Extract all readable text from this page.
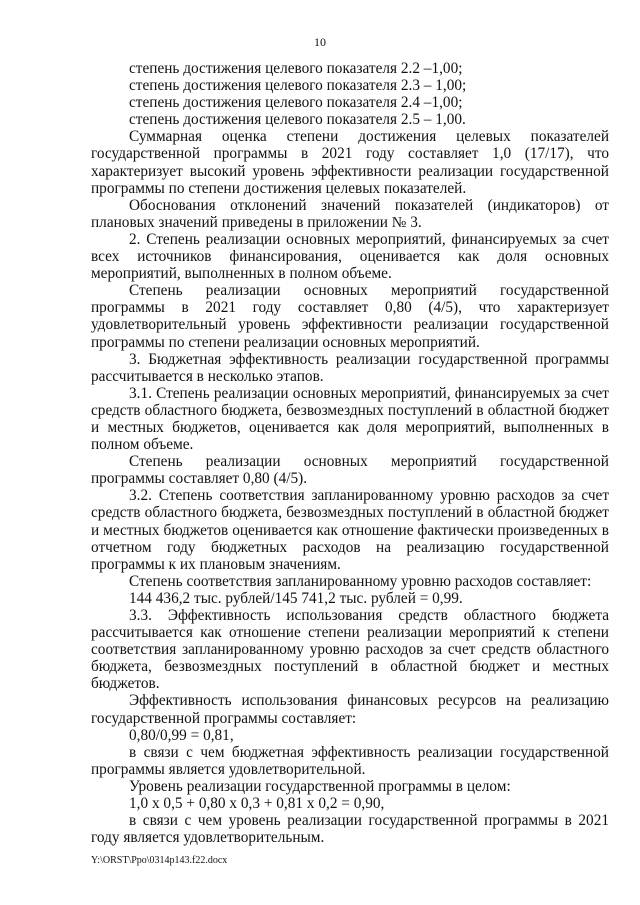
10

степень достижения целевого показателя 2.2 –1,00;

степень достижения целевого показателя 2.3 – 1,00;

степень достижения целевого показателя 2.4 –1,00;

степень достижения целевого показателя 2.5 – 1,00.

Суммарная оценка степени достижения целевых показателей государственной программы в 2021 году составляет 1,0 (17/17), что характеризует высокий уровень эффективности реализации государственной программы по степени достижения целевых показателей.

Обоснования отклонений значений показателей (индикаторов) от плановых значений приведены в приложении № 3.

2. Степень реализации основных мероприятий, финансируемых за счет всех источников финансирования, оценивается как доля основных мероприятий, выполненных в полном объеме.

Степень реализации основных мероприятий государственной программы в 2021 году составляет 0,80 (4/5), что характеризует удовлетворительный уровень эффективности реализации государственной программы по степени реализации основных мероприятий.

3. Бюджетная эффективность реализации государственной программы рассчитывается в несколько этапов.

3.1. Степень реализации основных мероприятий, финансируемых за счет средств областного бюджета, безвозмездных поступлений в областной бюджет и местных бюджетов, оценивается как доля мероприятий, выполненных в полном объеме.

Степень реализации основных мероприятий государственной программы составляет 0,80 (4/5).

3.2. Степень соответствия запланированному уровню расходов за счет средств областного бюджета, безвозмездных поступлений в областной бюджет и местных бюджетов оценивается как отношение фактически произведенных в отчетном году бюджетных расходов на реализацию государственной программы к их плановым значениям.

Степень соответствия запланированному уровню расходов составляет:

144 436,2 тыс. рублей/145 741,2 тыс. рублей = 0,99.

3.3. Эффективность использования средств областного бюджета рассчитывается как отношение степени реализации мероприятий к степени соответствия запланированному уровню расходов за счет средств областного бюджета, безвозмездных поступлений в областной бюджет и местных бюджетов.

Эффективность использования финансовых ресурсов на реализацию государственной программы составляет:

0,80/0,99 = 0,81,

в связи с чем бюджетная эффективность реализации государственной программы является удовлетворительной.

Уровень реализации государственной программы в целом:

1,0 х 0,5 + 0,80 х 0,3 + 0,81 х 0,2 = 0,90,

в связи с чем уровень реализации государственной программы в 2021 году является удовлетворительным.

Y:\ORST\Ppo\0314p143.f22.docx
